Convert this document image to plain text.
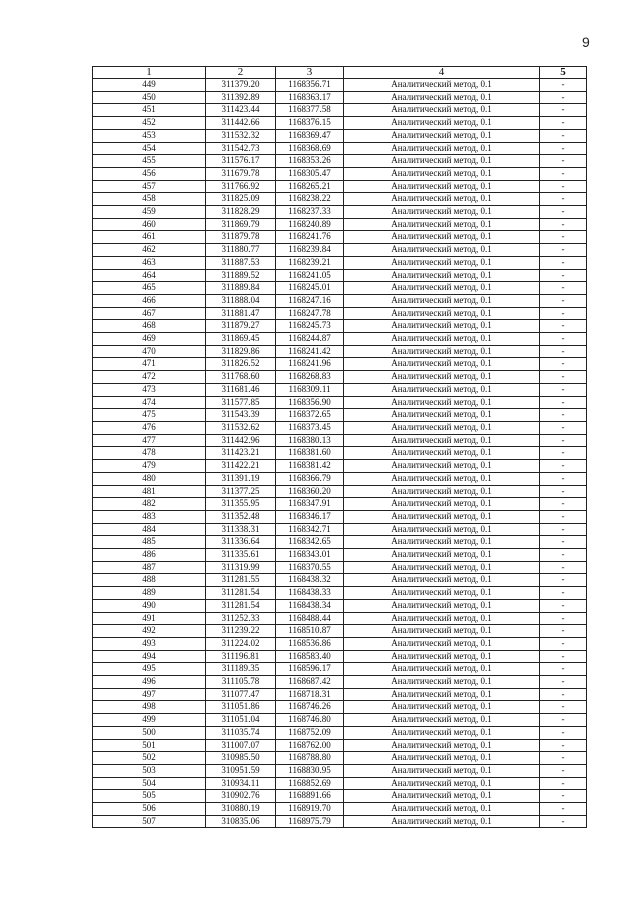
9
1	2	3	4	5
449	311379.20	1168356.71	Аналитический метод, 0.1	-
450	311392.89	1168363.17	Аналитический метод, 0.1	-
451	311423.44	1168377.58	Аналитический метод, 0.1	-
452	311442.66	1168376.15	Аналитический метод, 0.1	-
453	311532.32	1168369.47	Аналитический метод, 0.1	-
454	311542.73	1168368.69	Аналитический метод, 0.1	-
455	311576.17	1168353.26	Аналитический метод, 0.1	-
456	311679.78	1168305.47	Аналитический метод, 0.1	-
457	311766.92	1168265.21	Аналитический метод, 0.1	-
458	311825.09	1168238.22	Аналитический метод, 0.1	-
459	311828.29	1168237.33	Аналитический метод, 0.1	-
460	311869.79	1168240.89	Аналитический метод, 0.1	-
461	311879.78	1168241.76	Аналитический метод, 0.1	-
462	311880.77	1168239.84	Аналитический метод, 0.1	-
463	311887.53	1168239.21	Аналитический метод, 0.1	-
464	311889.52	1168241.05	Аналитический метод, 0.1	-
465	311889.84	1168245.01	Аналитический метод, 0.1	-
466	311888.04	1168247.16	Аналитический метод, 0.1	-
467	311881.47	1168247.78	Аналитический метод, 0.1	-
468	311879.27	1168245.73	Аналитический метод, 0.1	-
469	311869.45	1168244.87	Аналитический метод, 0.1	-
470	311829.86	1168241.42	Аналитический метод, 0.1	-
471	311826.52	1168241.96	Аналитический метод, 0.1	-
472	311768.60	1168268.83	Аналитический метод, 0.1	-
473	311681.46	1168309.11	Аналитический метод, 0.1	-
474	311577.85	1168356.90	Аналитический метод, 0.1	-
475	311543.39	1168372.65	Аналитический метод, 0.1	-
476	311532.62	1168373.45	Аналитический метод, 0.1	-
477	311442.96	1168380.13	Аналитический метод, 0.1	-
478	311423.21	1168381.60	Аналитический метод, 0.1	-
479	311422.21	1168381.42	Аналитический метод, 0.1	-
480	311391.19	1168366.79	Аналитический метод, 0.1	-
481	311377.25	1168360.20	Аналитический метод, 0.1	-
482	311355.95	1168347.91	Аналитический метод, 0.1	-
483	311352.48	1168346.17	Аналитический метод, 0.1	-
484	311338.31	1168342.71	Аналитический метод, 0.1	-
485	311336.64	1168342.65	Аналитический метод, 0.1	-
486	311335.61	1168343.01	Аналитический метод, 0.1	-
487	311319.99	1168370.55	Аналитический метод, 0.1	-
488	311281.55	1168438.32	Аналитический метод, 0.1	-
489	311281.54	1168438.33	Аналитический метод, 0.1	-
490	311281.54	1168438.34	Аналитический метод, 0.1	-
491	311252.33	1168488.44	Аналитический метод, 0.1	-
492	311239.22	1168510.87	Аналитический метод, 0.1	-
493	311224.02	1168536.86	Аналитический метод, 0.1	-
494	311196.81	1168583.40	Аналитический метод, 0.1	-
495	311189.35	1168596.17	Аналитический метод, 0.1	-
496	311105.78	1168687.42	Аналитический метод, 0.1	-
497	311077.47	1168718.31	Аналитический метод, 0.1	-
498	311051.86	1168746.26	Аналитический метод, 0.1	-
499	311051.04	1168746.80	Аналитический метод, 0.1	-
500	311035.74	1168752.09	Аналитический метод, 0.1	-
501	311007.07	1168762.00	Аналитический метод, 0.1	-
502	310985.50	1168788.80	Аналитический метод, 0.1	-
503	310951.59	1168830.95	Аналитический метод, 0.1	-
504	310934.11	1168852.69	Аналитический метод, 0.1	-
505	310902.76	1168891.66	Аналитический метод, 0.1	-
506	310880.19	1168919.70	Аналитический метод, 0.1	-
507	310835.06	1168975.79	Аналитический метод, 0.1	-
